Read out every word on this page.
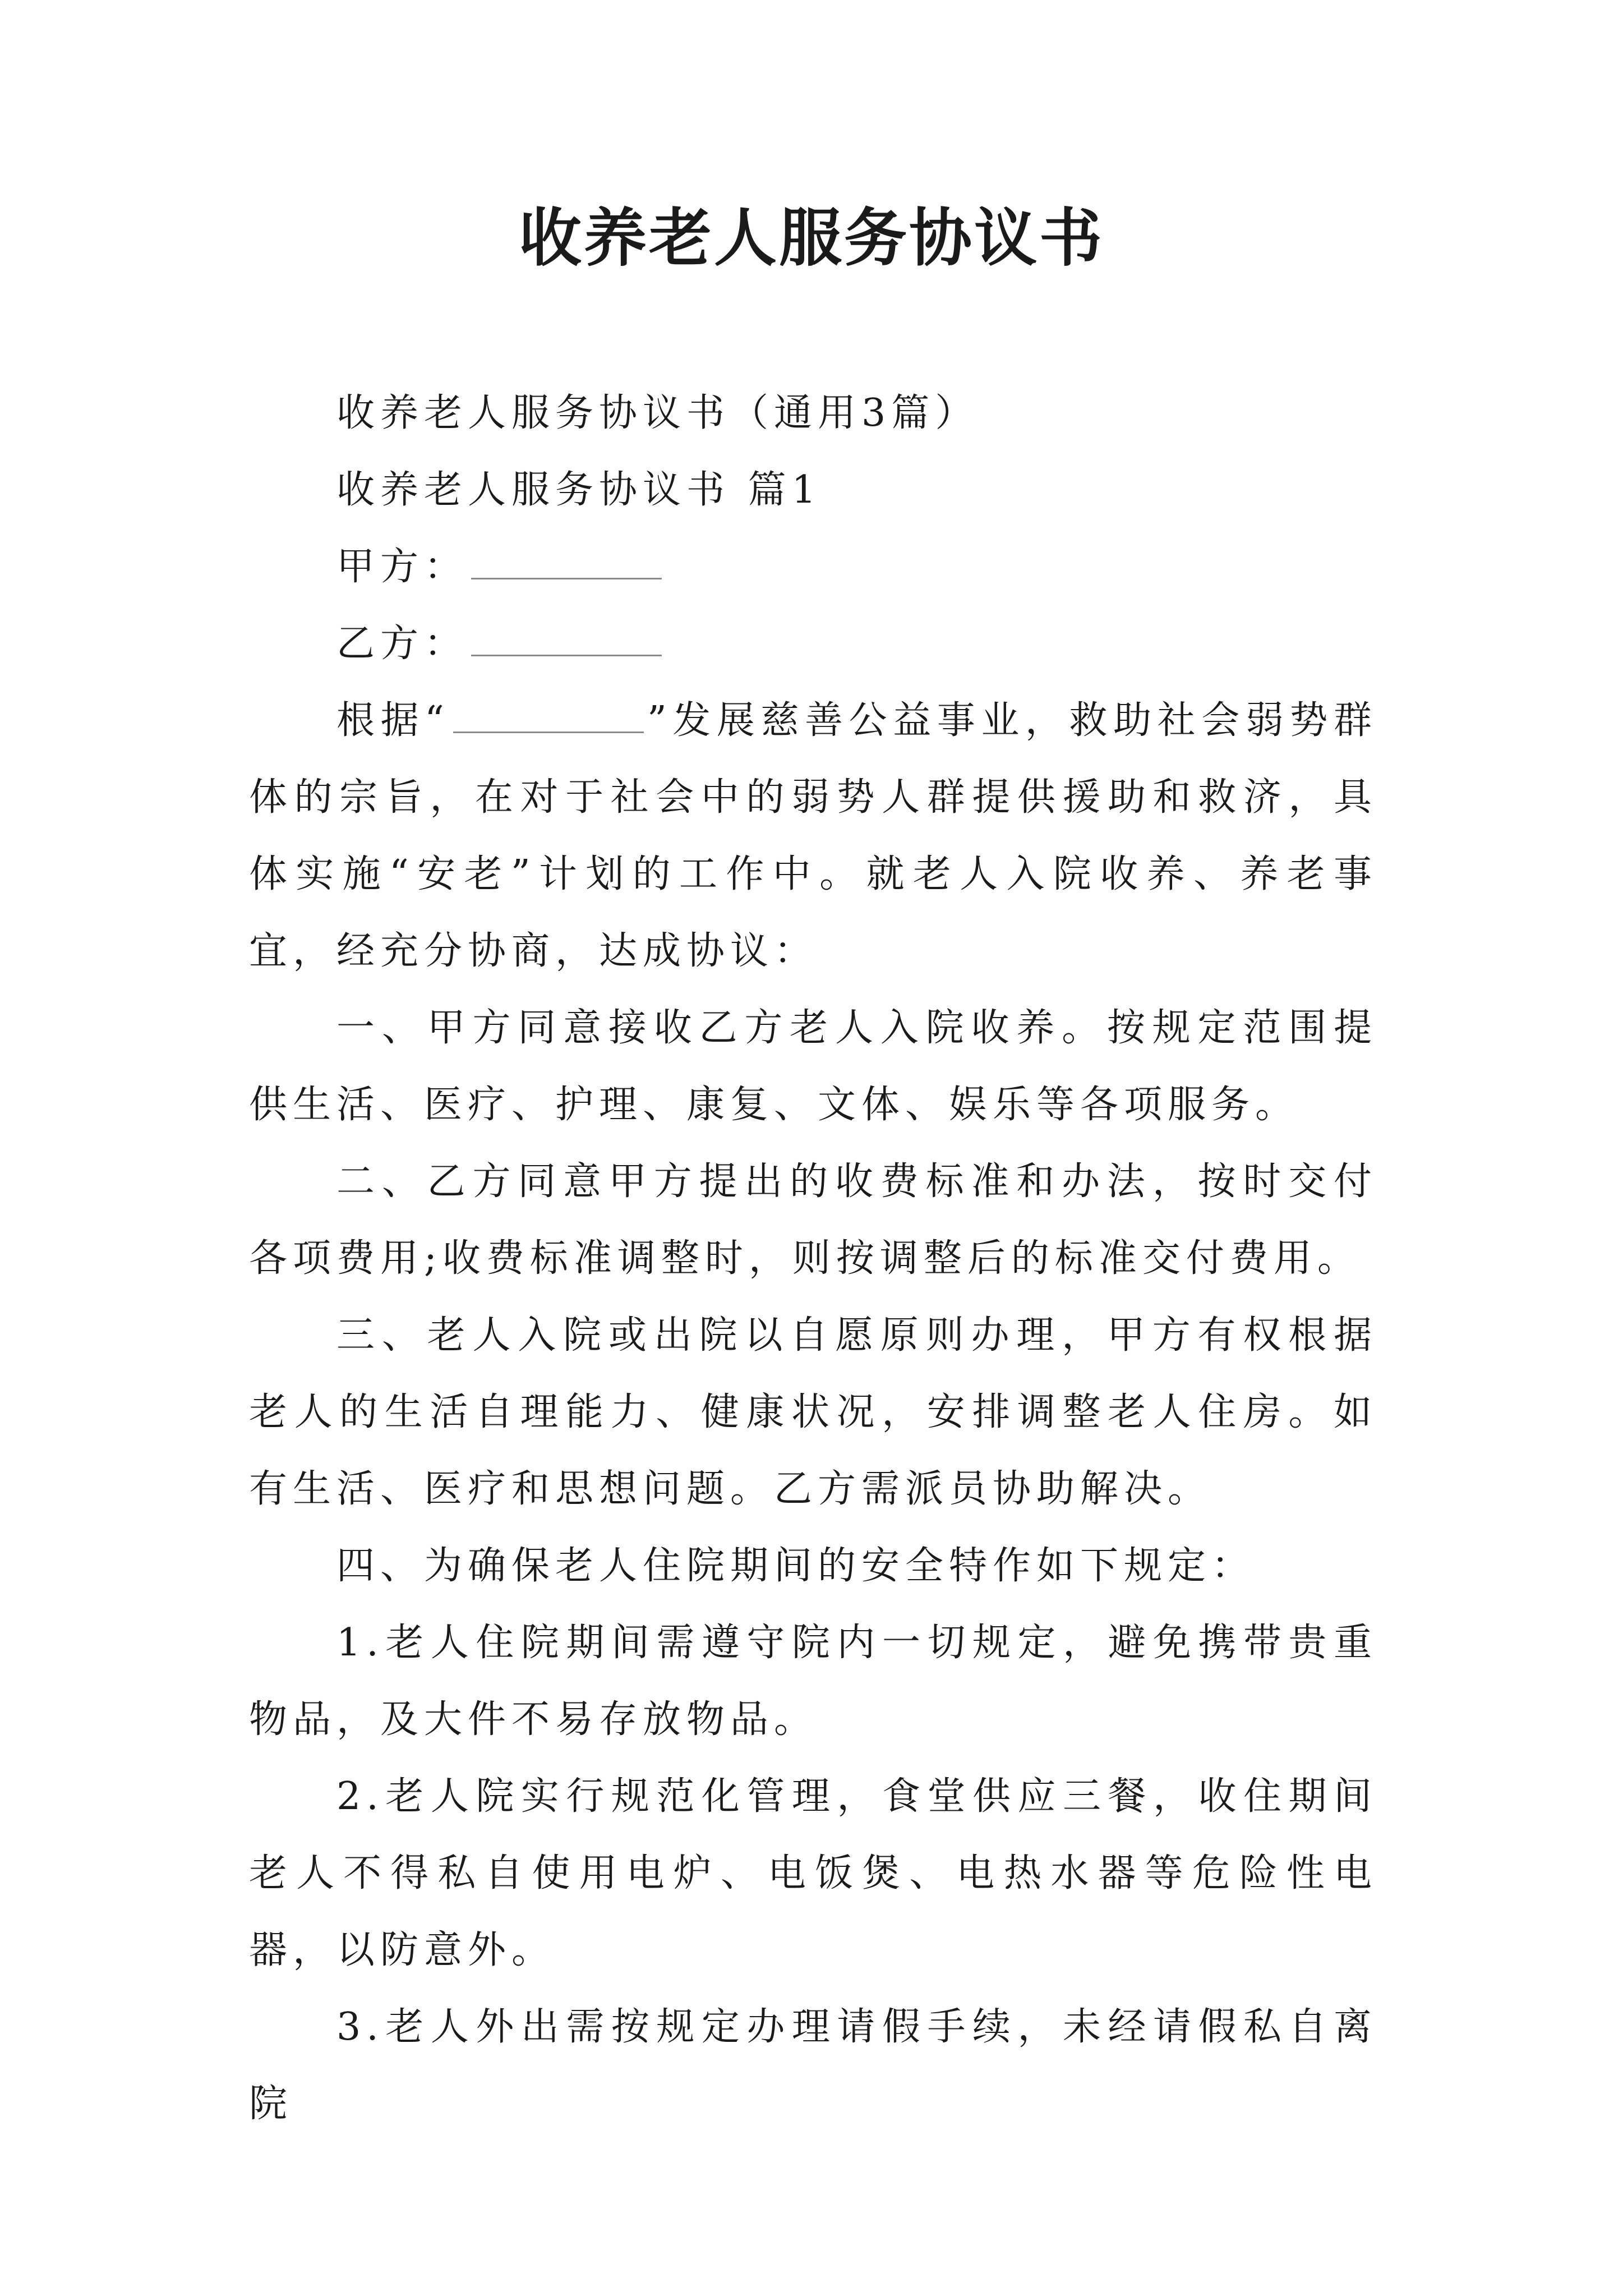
收养老人服务协议书

收养老人服务协议书（通用3篇）

收养老人服务协议书 篇1

甲方：

乙方：

根据“	”发展慈善公益事业，救助社会弱势群体的宗旨，在对于社会中的弱势人群提供援助和救济，具体实施“安老”计划的工作中。就老人入院收养、养老事宜，经充分协商，达成协议：

一、甲方同意接收乙方老人入院收养。按规定范围提供生活、医疗、护理、康复、文体、娱乐等各项服务。

二、乙方同意甲方提出的收费标准和办法，按时交付各项费用;收费标准调整时，则按调整后的标准交付费用。

三、老人入院或出院以自愿原则办理，甲方有权根据老人的生活自理能力、健康状况，安排调整老人住房。如有生活、医疗和思想问题。乙方需派员协助解决。

四、为确保老人住院期间的安全特作如下规定：

1.老人住院期间需遵守院内一切规定，避免携带贵重物品，及大件不易存放物品。

2.老人院实行规范化管理，食堂供应三餐，收住期间老人不得私自使用电炉、电饭煲、电热水器等危险性电器，以防意外。

3.老人外出需按规定办理请假手续，未经请假私自离院
